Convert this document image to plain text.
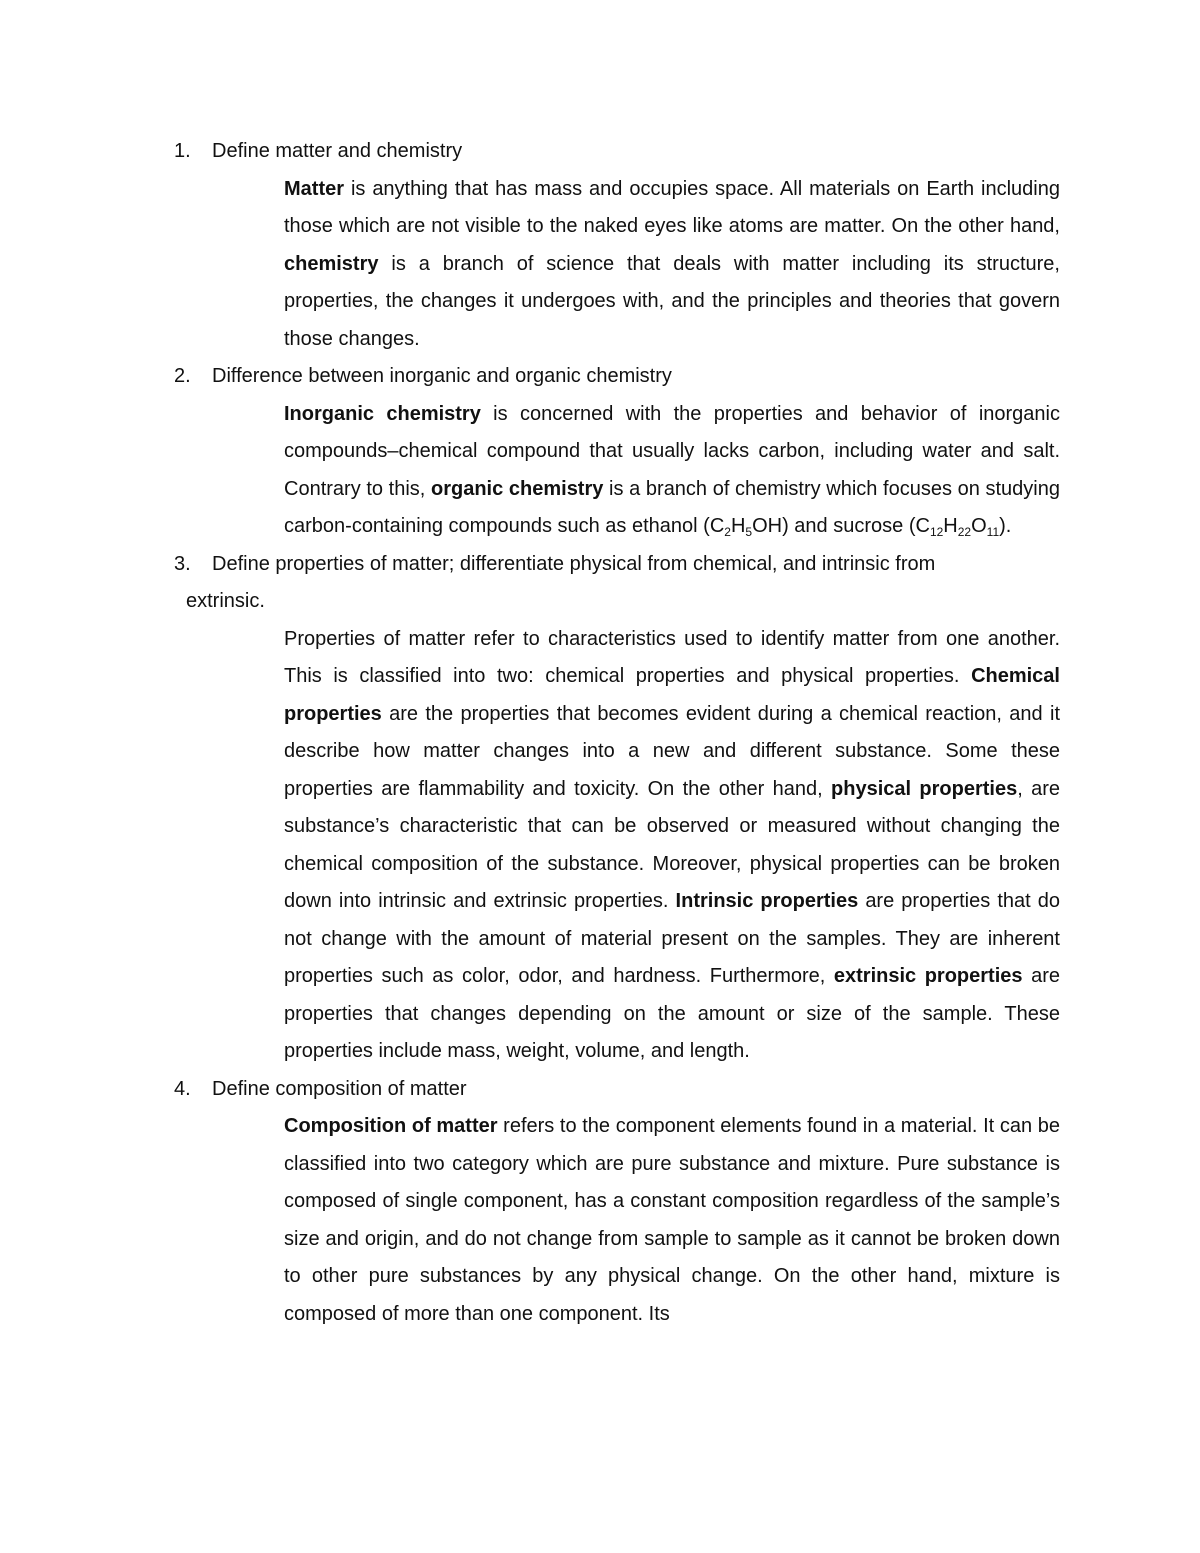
1. Define matter and chemistry
Matter is anything that has mass and occupies space. All materials on Earth including those which are not visible to the naked eyes like atoms are matter. On the other hand, chemistry is a branch of science that deals with matter including its structure, properties, the changes it undergoes with, and the principles and theories that govern those changes.
2. Difference between inorganic and organic chemistry
Inorganic chemistry is concerned with the properties and behavior of inorganic compounds–chemical compound that usually lacks carbon, including water and salt. Contrary to this, organic chemistry is a branch of chemistry which focuses on studying carbon-containing compounds such as ethanol $(C_2H_5OH)$ and sucrose $(C_{12}H_{22}O_{11})$.
3. Define properties of matter; differentiate physical from chemical, and intrinsic from
extrinsic.
Properties of matter refer to characteristics used to identify matter from one another. This is classified into two: chemical properties and physical properties. Chemical properties are the properties that becomes evident during a chemical reaction, and it describe how matter changes into a new and different substance. Some these properties are flammability and toxicity. On the other hand, physical properties, are substance’s characteristic that can be observed or measured without changing the chemical composition of the substance. Moreover, physical properties can be broken down into intrinsic and extrinsic properties. Intrinsic properties are properties that do not change with the amount of material present on the samples. They are inherent properties such as color, odor, and hardness. Furthermore, extrinsic properties are properties that changes depending on the amount or size of the sample. These properties include mass, weight, volume, and length.
4. Define composition of matter
Composition of matter refers to the component elements found in a material. It can be classified into two category which are pure substance and mixture. Pure substance is composed of single component, has a constant composition regardless of the sample’s size and origin, and do not change from sample to sample as it cannot be broken down to other pure substances by any physical change. On the other hand, mixture is composed of more than one component. Its
